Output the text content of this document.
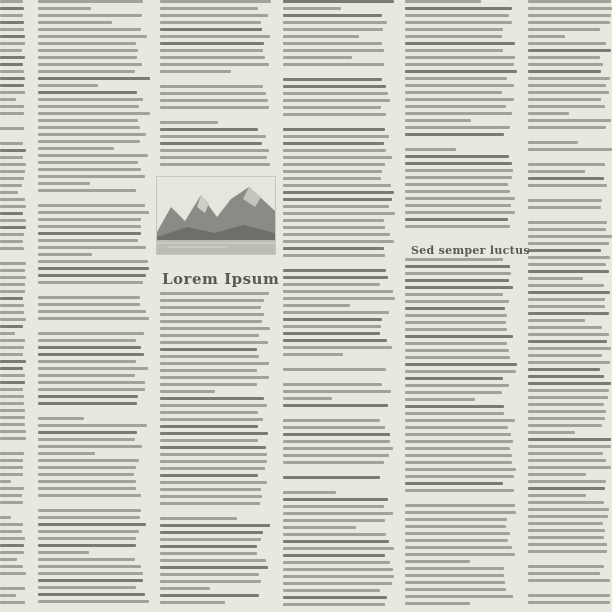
Lorem Ipsum
Sed semper luctus
